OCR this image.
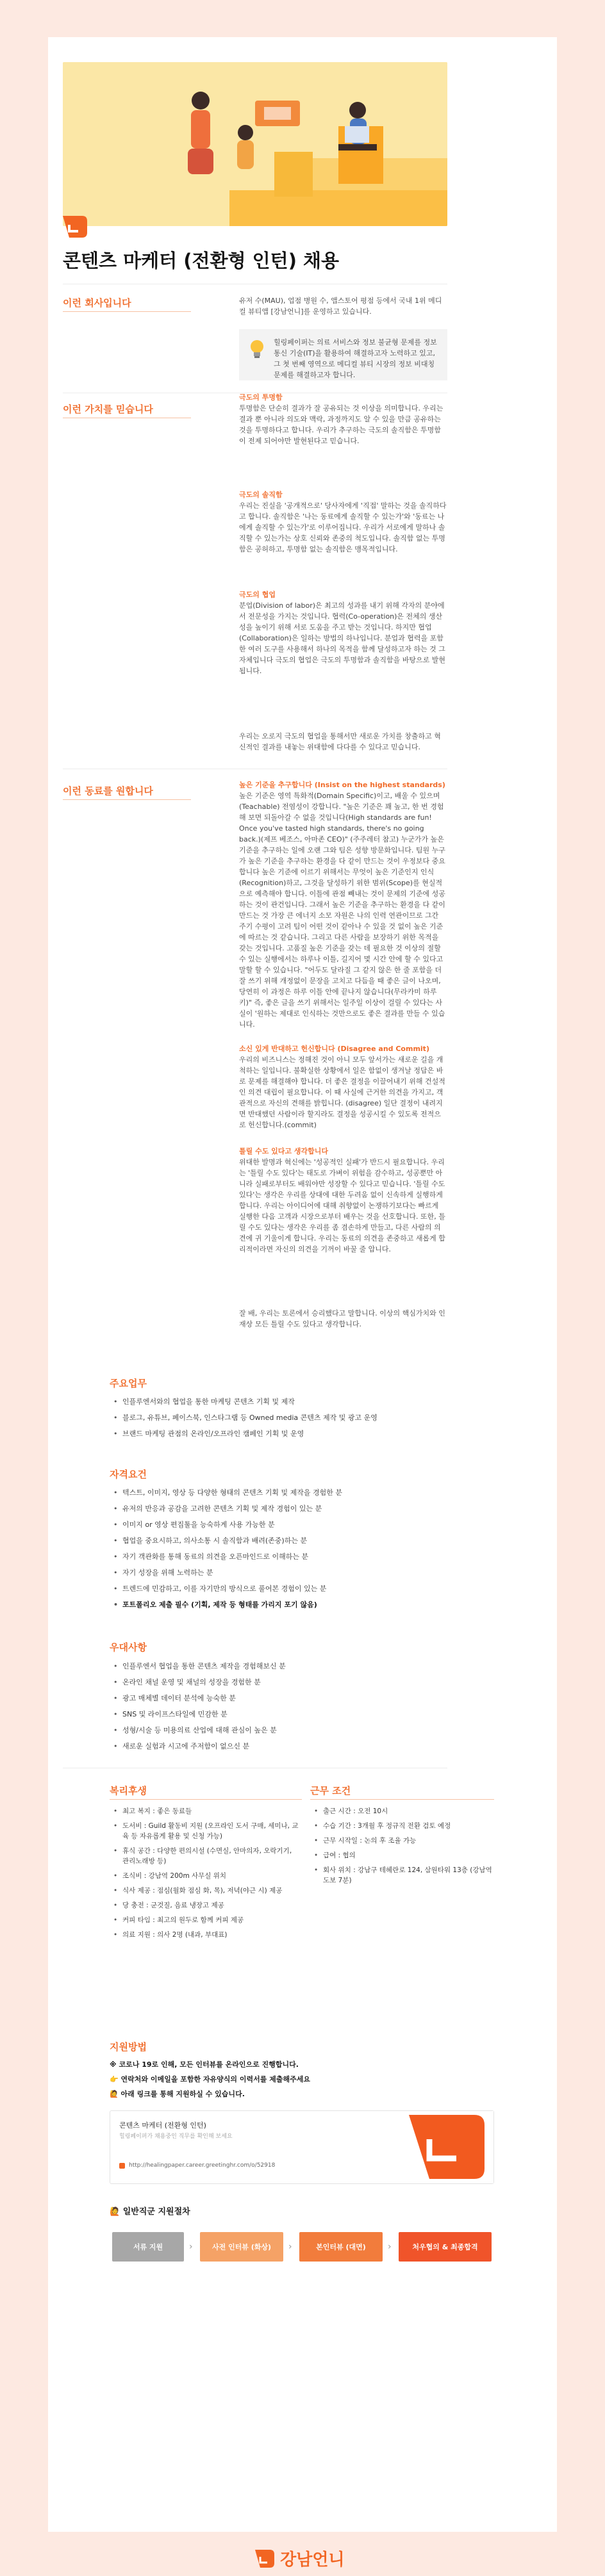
콘텐츠 마케터 (전환형 인턴) 채용
이런 회사입니다	유저 수(MAU), 업점 병원 수, 앱스토어 평점 등에서 국내 1위 메디컬 뷰티앱 [강남언니]를 운영하고 있습니다.

힐링페이퍼는 의료 서비스와 정보 불균형 문제를 정보 통신 기술(IT)을 활용하여 해결하고자 노력하고 있고, 그 첫 번째 영역으로 메디컬 뷰티 시장의 정보 비대칭 문제를 해결하고자 합니다.
이런 가치를 믿습니다

극도의 투명함

투명함은 단순히 결과가 잘 공유되는 것 이상을 의미합니다. 우리는 결과 뿐 아니라 의도와 맥락, 과정까지도 알 수 있을 만큼 공유하는 것을 투명하다고 합니다. 우리가 추구하는 극도의 솔직함은 투명함이 전제 되어야만 발현된다고 믿습니다.

극도의 솔직함

우리는 진실을 '공개적으로' 당사자에게 '직접' 말하는 것을 솔직하다고 합니다. 솔직함은 '나는 동료에게 솔직할 수 있는가'와 '동료는 나에게 솔직할 수 있는가'로 이루어집니다. 우리가 서로에게 말하나 솔직할 수 있는가는 상호 신뢰와 존중의 척도입니다. 솔직함 없는 투명함은 공허하고, 투명함 없는 솔직함은 맹목적입니다.

극도의 협업

분업(Division of labor)은 최고의 성과를 내기 위해 각자의 분야에서 전문성을 가지는 것입니다. 협력(Co-operation)은 전체의 생산성을 높이기 위해 서로 도움을 주고 받는 것입니다. 하지만 협업(Collaboration)은 일하는 방법의 하나입니다. 분업과 협력을 포함한 여러 도구를 사용해서 하나의 목적을 함께 달성하고자 하는 것 그 자체입니다 극도의 협업은 극도의 투명함과 솔직함을 바탕으로 발현됩니다.

우리는 오로지 극도의 협업을 통해서만 새로운 가치를 창출하고 혁신적인 결과를 내놓는 위대함에 다다를 수 있다고 믿습니다.

이런 동료를 원합니다

높은 기준을 추구합니다 (Insist on the highest standards)

높은 기준은 영역 특화적(Domain Specific)이고, 배울 수 있으며(Teachable) 전염성이 강합니다. "높은 기준은 꽤 높고, 한 번 경험해 보면 되돌아갈 수 없을 것입니다(High standards are fun! Once you've tasted high standards, there's no going back.)(제프 베조스, 아마존 CEO)" (주주레터 참고) 누군가가 높은 기준을 추구하는 일에 오랜 그와 팀은 성향 방문화입니다. 팀원 누구가 높은 기준을 추구하는 환경을 다 같이 만드는 것이 우정보다 중요합니다 높은 기준에 이르기 위해서는 무엇이 높은 기준인지 인식(Recognition)하고, 그것을 달성하기 위한 범위(Scope)를 현실적으로 예측해야 합니다. 이틀에 관점 빼내는 것이 문제의 기준에 성공하는 것이 관건입니다. 그래서 높은 기준을 추구하는 환경을 다 같이 만드는 것 가장 큰 에너지 소모 자원은 나의 인력 연관이므로 그간 주기 수평이 고려 팀이 어떤 것이 같아나 수 있을 것 없이 높은 기준에 따르는 것 같습니다. 그리고 다른 사람을 보장하기 위한 목적을 갖는 것입니다. 고품질 높은 기준을 갖는 데 필요한 것 이상의 절할 수 있는 실행에서는 하루나 이틀, 길지어 몇 시간 안에 할 수 있다고 말할 할 수 있습니다. "어두도 달라질 그 같지 않은 한 줄 포함을 더 잘 쓰기 위해 개정없이 문장을 고치고 다듬을 때 좋은 글이 나오며, 당연히 이 과정은 하루 이틀 안에 끝나지 않습니다(무라카미 하루키)" 즉, 좋은 글을 쓰기 위해서는 일주일 이상이 걸릴 수 있다는 사실이 '원하는 제대로 인식하는 것만으로도 좋은 결과를 만들 수 있습니다.

소신 있게 반대하고 헌신합니다 (Disagree and Commit)

우리의 비즈니스는 정해진 것이 아니 모두 앞서가는 새로운 길을 개척하는 일입니다. 불확실한 상황에서 일은 함없이 생겨날 정답은 바로 문제를 해결해야 합니다. 더 좋은 결정을 이끌어내기 위해 건설적인 의견 대립이 필요합니다. 이 때 사실에 근거한 의견을 가지고, 객관적으로 자신의 견해를 밝힙니다. (disagree) 일단 결정이 내려지면 반대했던 사람이라 할지라도 결정을 성공시킬 수 있도록 전적으로 헌신합니다.(commit)

틀릴 수도 있다고 생각합니다

위대한 발명과 혁신에는 '성공적인 실패'가 반드시 필요합니다. 우리는 '틀릴 수도 있다'는 태도로 가벼이 위험을 감수하고, 성공뿐만 아니라 실패로부터도 배워야만 성장할 수 있다고 믿습니다. '틀릴 수도 있다'는 생각은 우리를 상대에 대한 두려움 없이 신속하게 실행하게 합니다. 우리는 아이디어에 대해 취향없이 논쟁하기보다는 빠르게 실행한 다음 고객과 시장으로부터 배우는 것을 선호합니다. 또한, 틀릴 수도 있다는 생각은 우리를 좀 겸손하게 만들고, 다른 사람의 의견에 귀 기울이게 합니다. 우리는 동료의 의견을 존중하고 새롭게 합리적이라면 자신의 의견을 기꺼이 바꿀 줄 압니다.

잘 배, 우리는 토론에서 승리했다고 말합니다. 이상의 핵심가치와 인재상 모든 틀릴 수도 있다고 생각합니다.

주요업무
• 인플루엔서와의 협업을 통한 마케팅 콘텐츠 기획 및 제작
• 블로그, 유튜브, 페이스북, 인스타그램 등 Owned media 콘텐츠 제작 및 광고 운영
• 브랜드 마케팅 관점의 온라인/오프라인 캠페인 기획 및 운영
자격요건
• 텍스트, 이미지, 영상 등 다양한 형태의 콘텐츠 기획 및 제작을 경험한 분
• 유저의 반응과 공감을 고려한 콘텐츠 기획 및 제작 경험이 있는 분
• 이미지 or 영상 편집툴을 능숙하게 사용 가능한 분
• 협업을 중요시하고, 의사소통 시 솔직함과 배려(존중)하는 분
• 자기 객관화를 통해 동료의 의견을 오픈마인드로 이해하는 분
• 자기 성장을 위해 노력하는 분
• 트렌드에 민감하고, 이를 자기만의 방식으로 풀어본 경험이 있는 분
• 포트폴리오 제출 필수 (기획, 제작 등 형태를 가리지 포기 않음)
우대사항
• 인플루엔서 협업을 통한 콘텐츠 제작을 경험해보신 분
• 온라인 채널 운영 및 채널의 성장을 경험한 분
• 광고 매체별 데이터 분석에 능숙한 분
• SNS 및 라이프스타일에 민감한 분
• 성형/시술 등 미용의료 산업에 대해 관심이 높은 분
• 새로운 실험과 시고에 주저함이 없으신 분
복리후생
• 최고 복지 : 좋은 동료들
• 도서비 : Guild 활동비 지원 (오프라인 도서 구매, 세미나, 교육 등 자유롭게 활용 및 신청 가능)
• 휴식 공간 : 다양한 편의시설 (수면실, 안마의자, 오락기기, 관리노래방 등)
• 조식비 : 강남역 200m 사무실 위치
• 식사 제공 : 점심(월화 점심 화, 목), 저녁(야근 시) 제공
• 당 충전 : 군것질, 음료 냉장고 제공
• 커피 타임 : 최고의 원두로 함께 커피 제공
• 의료 지원 : 의사 2명 (내과, 부대표)
근무 조건
• 출근 시간 : 오전 10시
• 수습 기간 : 3개월 후 정규직 전환 검토 예정
• 근무 시작일 : 논의 후 조율 가능
• 급여 : 협의
• 회사 위치 : 강남구 테헤란로 124, 삼원타워 13층 (강남역 도보 7분)
지원방법

※ 코로나 19로 인해, 모든 인터뷰를 온라인으로 진행합니다.

👉 연락처와 이메일을 포함한 자유양식의 이력서를 제출해주세요

🙋 아래 링크를 통해 지원하실 수 있습니다.

콘텐츠 마케터 (전환형 인턴)
힐링페이퍼가 채용중인 직무를 확인해 보세요
http://healingpaper.career.greetinghr.com/o/52918
🙋 일반직군 지원절차
서류 지원	›	사전 인터뷰 (화상)	›	본인터뷰 (대면)	›	처우협의 & 최종합격
강남언니
